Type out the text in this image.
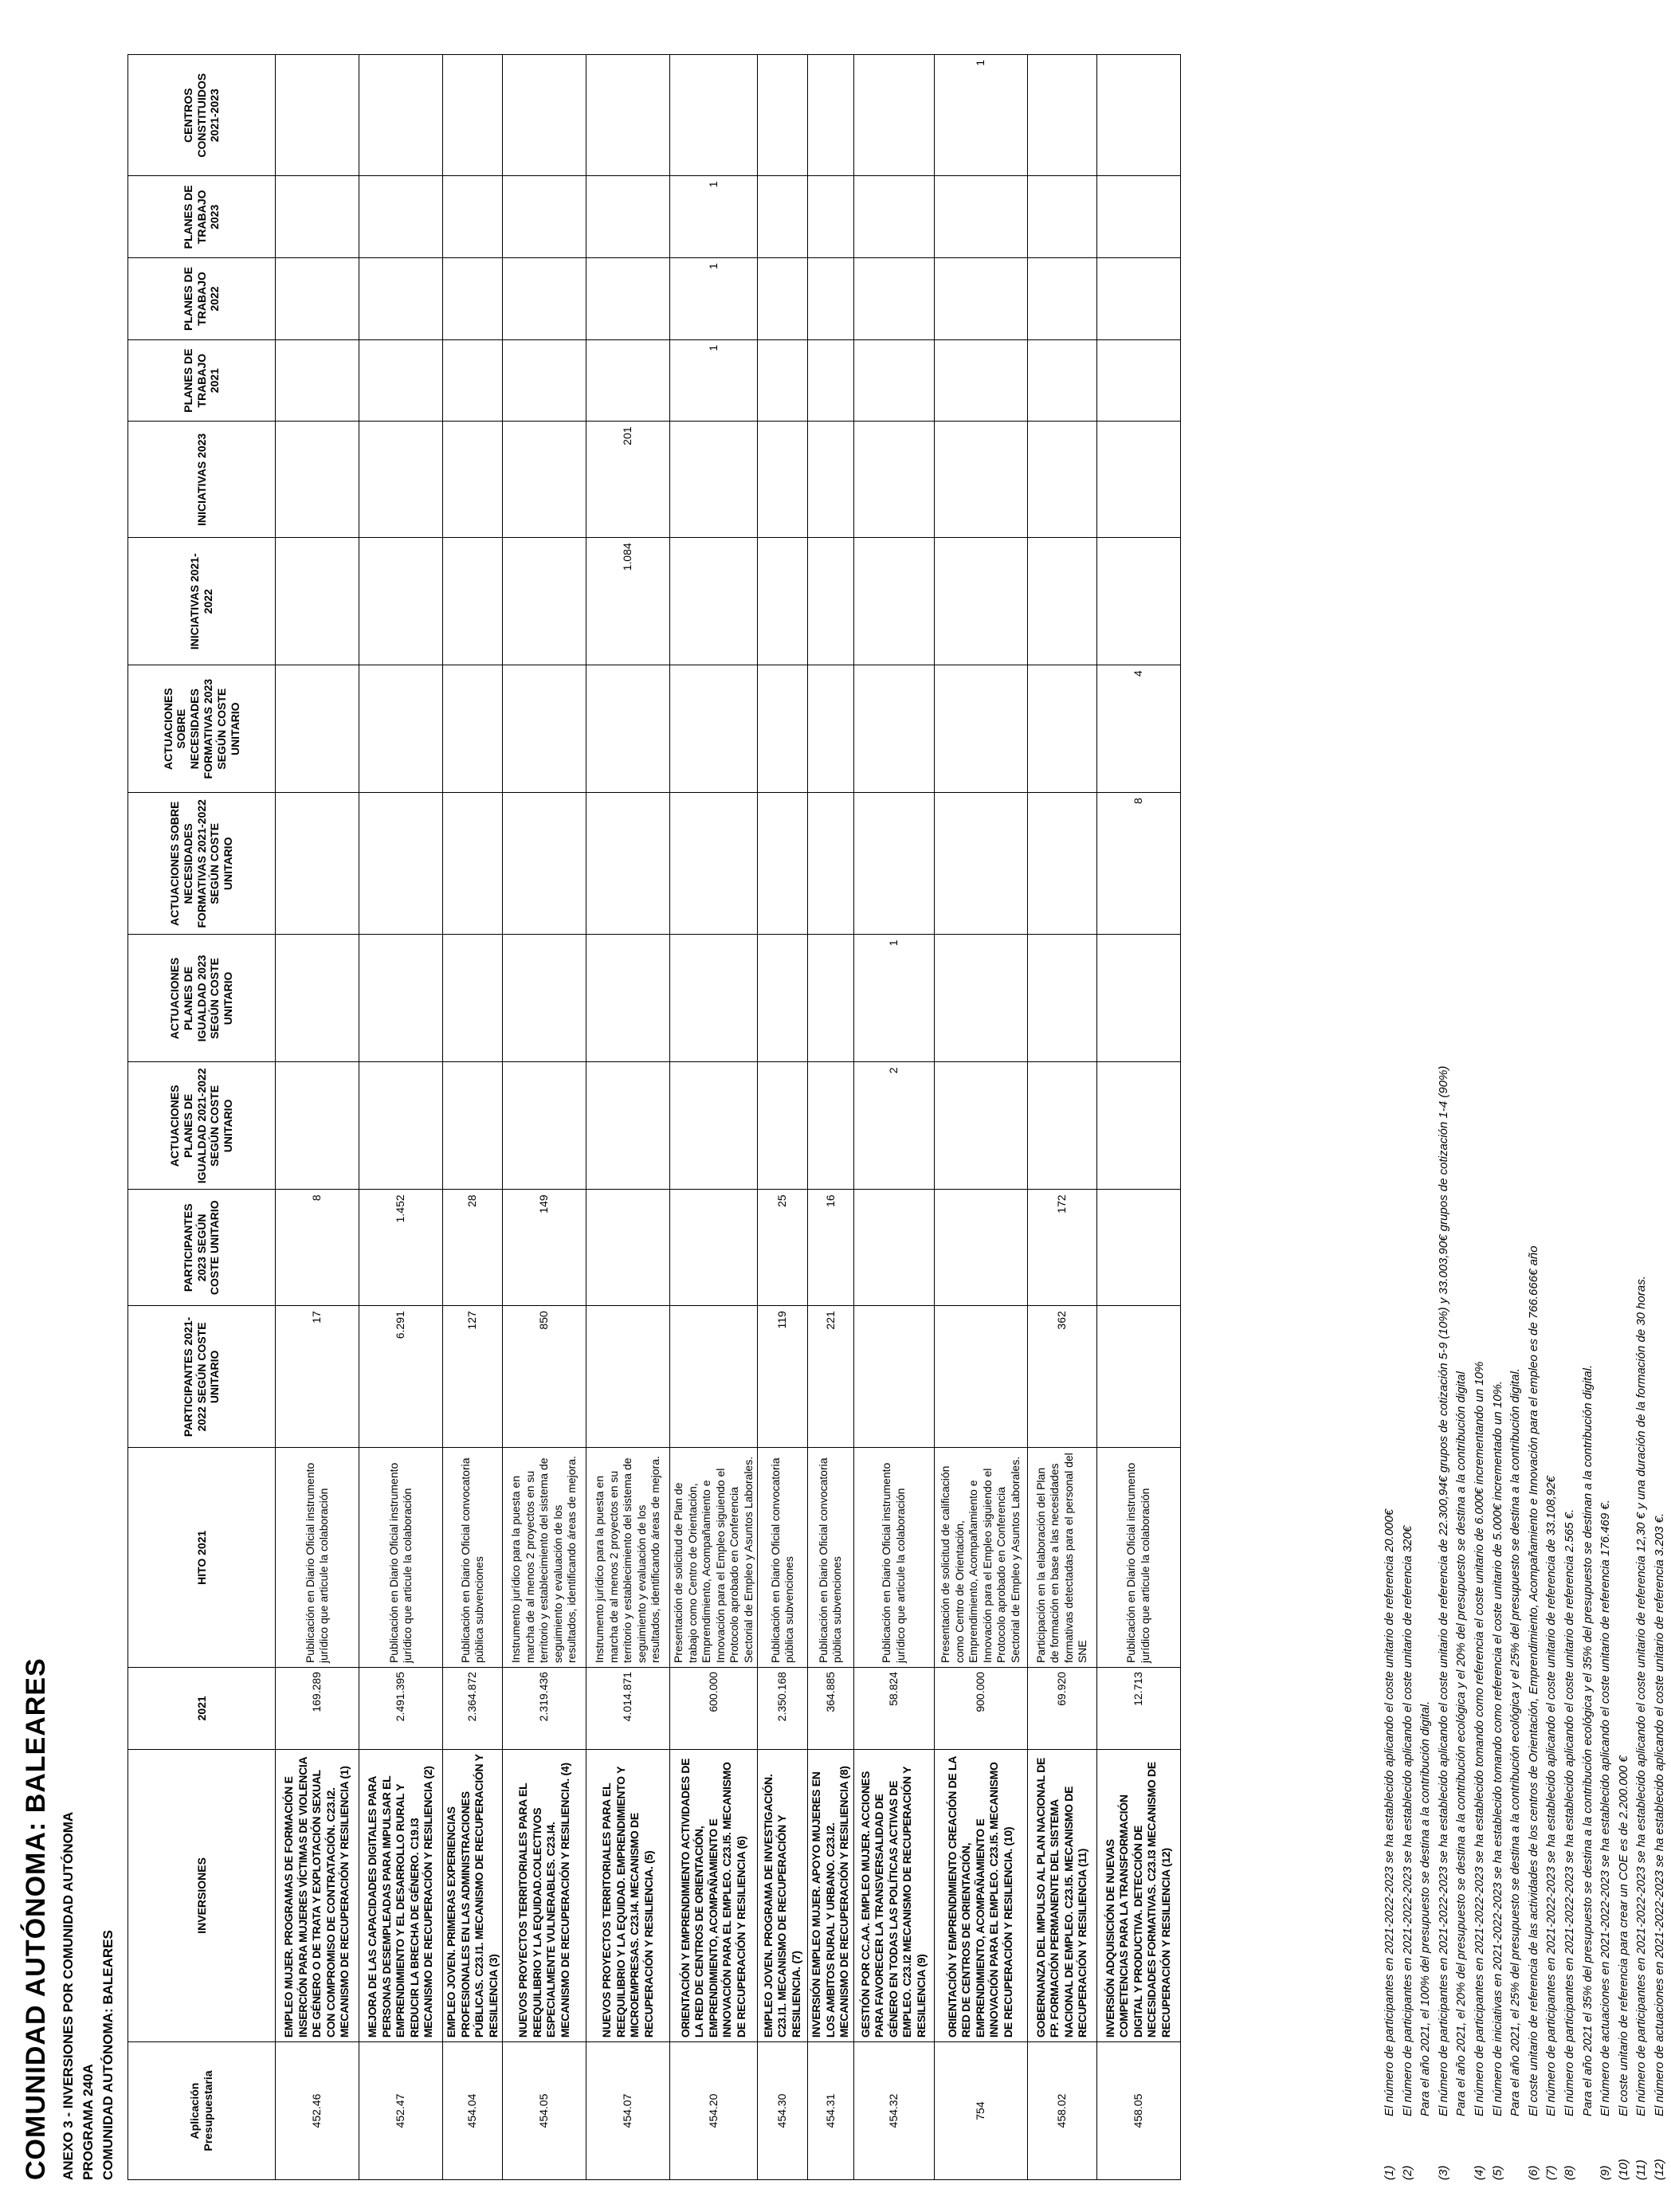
COMUNIDAD AUTÓNOMA: BALEARES ANEXO 3 - INVERSIONES POR COMUNIDAD AUTÓNOMA PROGRAMA 240A COMUNIDAD AUTÓNOMA: BALEARES	Aplicación Presupuestaria	INVERSIONES	2021	HITO 2021	PARTICIPANTES 2021-2022 SEGÚN COSTE UNITARIO	PARTICIPANTES 2023 SEGÚN COSTE UNITARIO	ACTUACIONES PLANES DE IGUALDAD 2021-2022 SEGÚN COSTE UNITARIO	ACTUACIONES PLANES DE IGUALDAD 2023 SEGÚN COSTE UNITARIO	ACTUACIONES SOBRE NECESIDADES FORMATIVAS 2021-2022 SEGÚN COSTE UNITARIO	ACTUACIONES SOBRE NECESIDADES FORMATIVAS 2023 SEGÚN COSTE UNITARIO	INICIATIVAS 2021-2022	INICIATIVAS 2023	PLANES DE TRABAJO 2021	PLANES DE TRABAJO 2022	PLANES DE TRABAJO 2023	CENTROS CONSTITUIDOS 2021-2023
452.46	EMPLEO MUJER. PROGRAMAS DE FORMACIÓN E INSERCIÓN PARA MUJERES VÍCTIMAS DE VIOLENCIA DE GÉNERO O DE TRATA Y EXPLOTACIÓN SEXUAL CON COMPROMISO DE CONTRATACIÓN. C23.I2. MECANISMO DE RECUPERACIÓN Y RESILIENCIA (1)	169.289	Publicación en Diario Oficial instrumento jurídico que articule la colaboración	17	8										
452.47	MEJORA DE LAS CAPACIDADES DIGITALES PARA PERSONAS DESEMPLEADAS PARA IMPULSAR EL EMPRENDIMIENTO Y EL DESARROLLO RURAL Y REDUCIR LA BRECHA DE GÉNERO. C19.I3 MECANISMO DE RECUPERACIÓN Y RESILIENCIA (2)	2.491.395	Publicación en Diario Oficial instrumento jurídico que articule la colaboración	6.291	1.452										
454.04	EMPLEO JOVEN. PRIMERAS EXPERIENCIAS PROFESIONALES EN LAS ADMINISTRACIONES PÚBLICAS. C23.I1. MECANISMO DE RECUPERACIÓN Y RESILIENCIA (3)	2.364.872	Publicación en Diario Oficial convocatoria pública subvenciones	127	28										
454.05	NUEVOS PROYECTOS TERRITORIALES PARA EL REEQUILIBRIO Y LA EQUIDAD.COLECTIVOS ESPECIALMENTE VULNERABLES. C23.I4. MECANISMO DE RECUPERACIÓN Y RESILIENCIA. (4)	2.319.436	Instrumento jurídico para la puesta en marcha de al menos 2 proyectos en su territorio y establecimiento del sistema de seguimiento y evaluación de los resultados, identificando áreas de mejora.	850	149										
454.07	NUEVOS PROYECTOS TERRITORIALES PARA EL REEQUILIBRIO Y LA EQUIDAD. EMPRENDIMIENTO Y MICROEMPRESAS. C23.I4. MECANISMO DE RECUPERACIÓN Y RESILIENCIA. (5)	4.014.871	Instrumento jurídico para la puesta en marcha de al menos 2 proyectos en su territorio y establecimiento del sistema de seguimiento y evaluación de los resultados, identificando áreas de mejora.							1.084	201				
454.20	ORIENTACIÓN Y EMPRENDIMIENTO ACTIVIDADES DE LA RED DE CENTROS DE ORIENTACIÓN, EMPRENDIMIENTO, ACOMPAÑAMIENTO E INNOVACIÓN PARA EL EMPLEO. C23.I5. MECANISMO DE RECUPERACIÓN Y RESILIENCIA (6)	600.000	Presentación de solicitud de Plan de trabajo como Centro de Orientación, Emprendimiento, Acompañamiento e Innovación para el Empleo siguiendo el Protocolo aprobado en Conferencia Sectorial de Empleo y Asuntos Laborales.									1	1	1	
454.30	EMPLEO JOVEN. PROGRAMA DE INVESTIGACIÓN. C23.I1. MECANISMO DE RECUPERACIÓN Y RESILIENCIA. (7)	2.350.168	Publicación en Diario Oficial convocatoria pública subvenciones	119	25										
454.31	INVERSIÓN EMPLEO MUJER. APOYO MUJERES EN LOS AMBITOS RURAL Y URBANO. C23.I2. MECANISMO DE RECUPERACIÓN Y RESILIENCIA (8)	364.885	Publicación en Diario Oficial convocatoria pública subvenciones	221	16										
454.32	GESTIÓN POR CC.AA. EMPLEO MUJER. ACCIONES PARA FAVORECER LA TRANSVERSALIDAD DE GÉNERO EN TODAS LAS POLÍTICAS ACTIVAS DE EMPLEO. C23.I2 MECANISMO DE RECUPERACIÓN Y RESILIENCIA (9)	58.824	Publicación en Diario Oficial instrumento jurídico que articule la colaboración			2	1								
754	ORIENTACIÓN Y EMPRENDIMIENTO CREACIÓN DE LA RED DE CENTROS DE ORIENTACIÓN, EMPRENDIMIENTO, ACOMPAÑAMIENTO E INNOVACIÓN PARA EL EMPLEO. C23.I5. MECANISMO DE RECUPERACIÓN Y RESILIENCIA. (10)	900.000	Presentación de solicitud de calificación como Centro de Orientación, Emprendimiento, Acompañamiento e Innovación para el Empleo siguiendo el Protocolo aprobado en Conferencia Sectorial de Empleo y Asuntos Laborales.												1
458.02	GOBERNANZA DEL IMPULSO AL PLAN NACIONAL DE FP. FORMACIÓN PERMANENTE DEL SISTEMA NACIONAL DE EMPLEO. C23.I5. MECANISMO DE RECUPERACIÓN Y RESILIENCIA (11)	69.920	Participación en la elaboración del Plan de formación en base a las necesidades formativas detectadas para el personal del SNE	362	172										
458.05	INVERSIÓN ADQUISICIÓN DE NUEVAS COMPETENCIAS PARA LA TRANSFORMACIÓN DIGITAL Y PRODUCTIVA. DETECCIÓN DE NECESIDADES FORMATIVAS. C23.I3 MECANISMO DE RECUPERACIÓN Y RESILIENCIA (12)	12.713	Publicación en Diario Oficial instrumento jurídico que articule la colaboración					8	4						
(1)
El número de participantes en 2021-2022-2023 se ha establecido aplicando el coste unitario de referencia 20.000€
(2)
El número de participantes en 2021-2022-2023 se ha establecido aplicando el coste unitario de referencia 320€ Para el año 2021, el 100% del presupuesto se destina a la contribución digital.
(3)
El número de participantes en 2021-2022-2023 se ha establecido aplicando el coste unitario de referencia de 22.300,94€ grupos de cotización 5-9 (10%) y 33.003,90€ grupos de cotización 1-4 (90%) Para el año 2021, el 20% del presupuesto se destina a la contribución ecológica y el 20% del presupuesto se destina a la contribución digital
(4)
El número de participantes en 2021-2022-2023 se ha establecido tomando como referencia el coste unitario de 6.000€ incrementando un 10%
(5)
El número de iniciativas en 2021-2022-2023 se ha establecido tomando como referencia el coste unitario de 5.000€ incrementado un 10%. Para el año 2021, el 25% del presupuesto se destina a la contribución ecológica y el 25% del presupuesto se destina a la contribución digital.
(6)
El coste unitario de referencia de las actividades de los centros de Orientación, Emprendimiento, Acompañamiento e Innovación para el empleo es de 766.666€ año
(7)
El número de participantes en 2021-2022-2023 se ha establecido aplicando el coste unitario de referencia de 33.108,92€
(8)
El número de participantes en 2021-2022-2023 se ha establecido aplicando el coste unitario de referencia 2.565 €. Para el año 2021 el 35% del presupuesto se destina a la contribución ecológica y el 35% del presupuesto se destinan a la contribución digital.
(9)
El número de actuaciones en 2021-2022-2023 se ha establecido aplicando el coste unitario de referencia 176.469 €.
(10)
El coste unitario de referencia para crear un COE es de 2.200.000 €
(11)
El número de participantes en 2021-2022-2023 se ha establecido aplicando el coste unitario de referencia 12,30 € y una duración de la formación de 30 horas.
(12)
El número de actuaciones en 2021-2022-2023 se ha establecido aplicando el coste unitario de referencia 3.203 €.
